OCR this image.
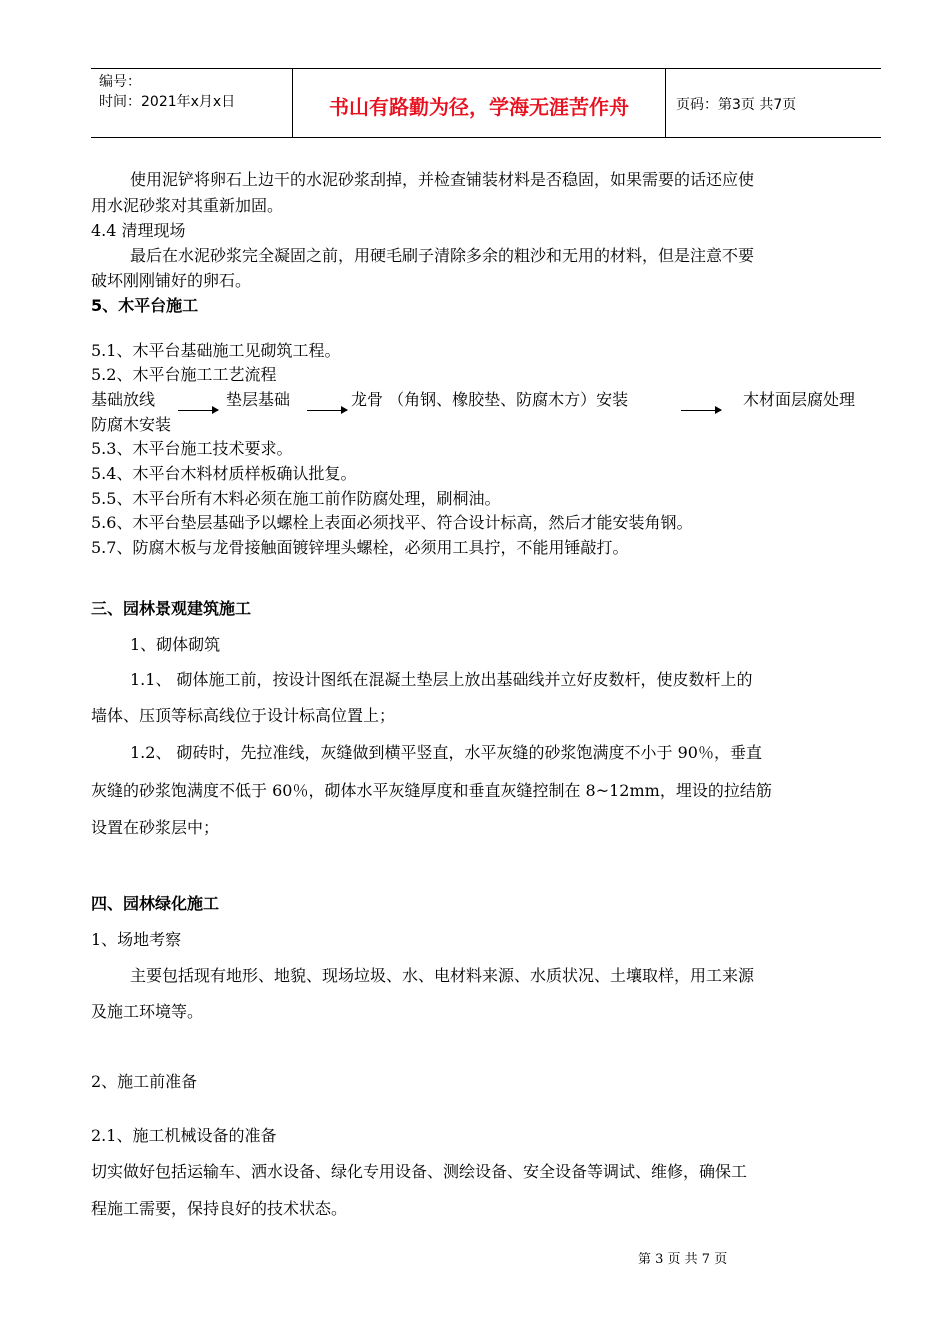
编号：
时间：2021年x月x日	书山有路勤为径，学海无涯苦作舟	页码：第3页 共7页
使用泥铲将卵石上边干的水泥砂浆刮掉，并检查铺装材料是否稳固，如果需要的话还应使
用水泥砂浆对其重新加固。
4.4 清理现场
最后在水泥砂浆完全凝固之前，用硬毛刷子清除多余的粗沙和无用的材料，但是注意不要
破坏刚刚铺好的卵石。
5、木平台施工
5.1、木平台基础施工见砌筑工程。
5.2、木平台施工工艺流程
基础放线	垫层基础	龙骨 （角钢、橡胶垫、防腐木方）安装	木材面层腐处理
防腐木安装
5.3、木平台施工技术要求。
5.4、木平台木料材质样板确认批复。
5.5、木平台所有木料必须在施工前作防腐处理，刷桐油。
5.6、木平台垫层基础予以螺栓上表面必须找平、符合设计标高，然后才能安装角钢。
5.7、防腐木板与龙骨接触面镀锌埋头螺栓，必须用工具拧，不能用锤敲打。
三、园林景观建筑施工
1、砌体砌筑
1.1、 砌体施工前，按设计图纸在混凝土垫层上放出基础线并立好皮数杆，使皮数杆上的
墙体、压顶等标高线位于设计标高位置上；
1.2、 砌砖时，先拉准线，灰缝做到横平竖直，水平灰缝的砂浆饱满度不小于 90％，垂直
灰缝的砂浆饱满度不低于 60％，砌体水平灰缝厚度和垂直灰缝控制在 8~12mm，埋设的拉结筋
设置在砂浆层中；
四、园林绿化施工
1、场地考察
主要包括现有地形、地貌、现场垃圾、水、电材料来源、水质状况、土壤取样，用工来源
及施工环境等。
2、施工前准备
2.1、施工机械设备的准备
切实做好包括运输车、洒水设备、绿化专用设备、测绘设备、安全设备等调试、维修，确保工
程施工需要，保持良好的技术状态。
第 3 页 共 7 页
